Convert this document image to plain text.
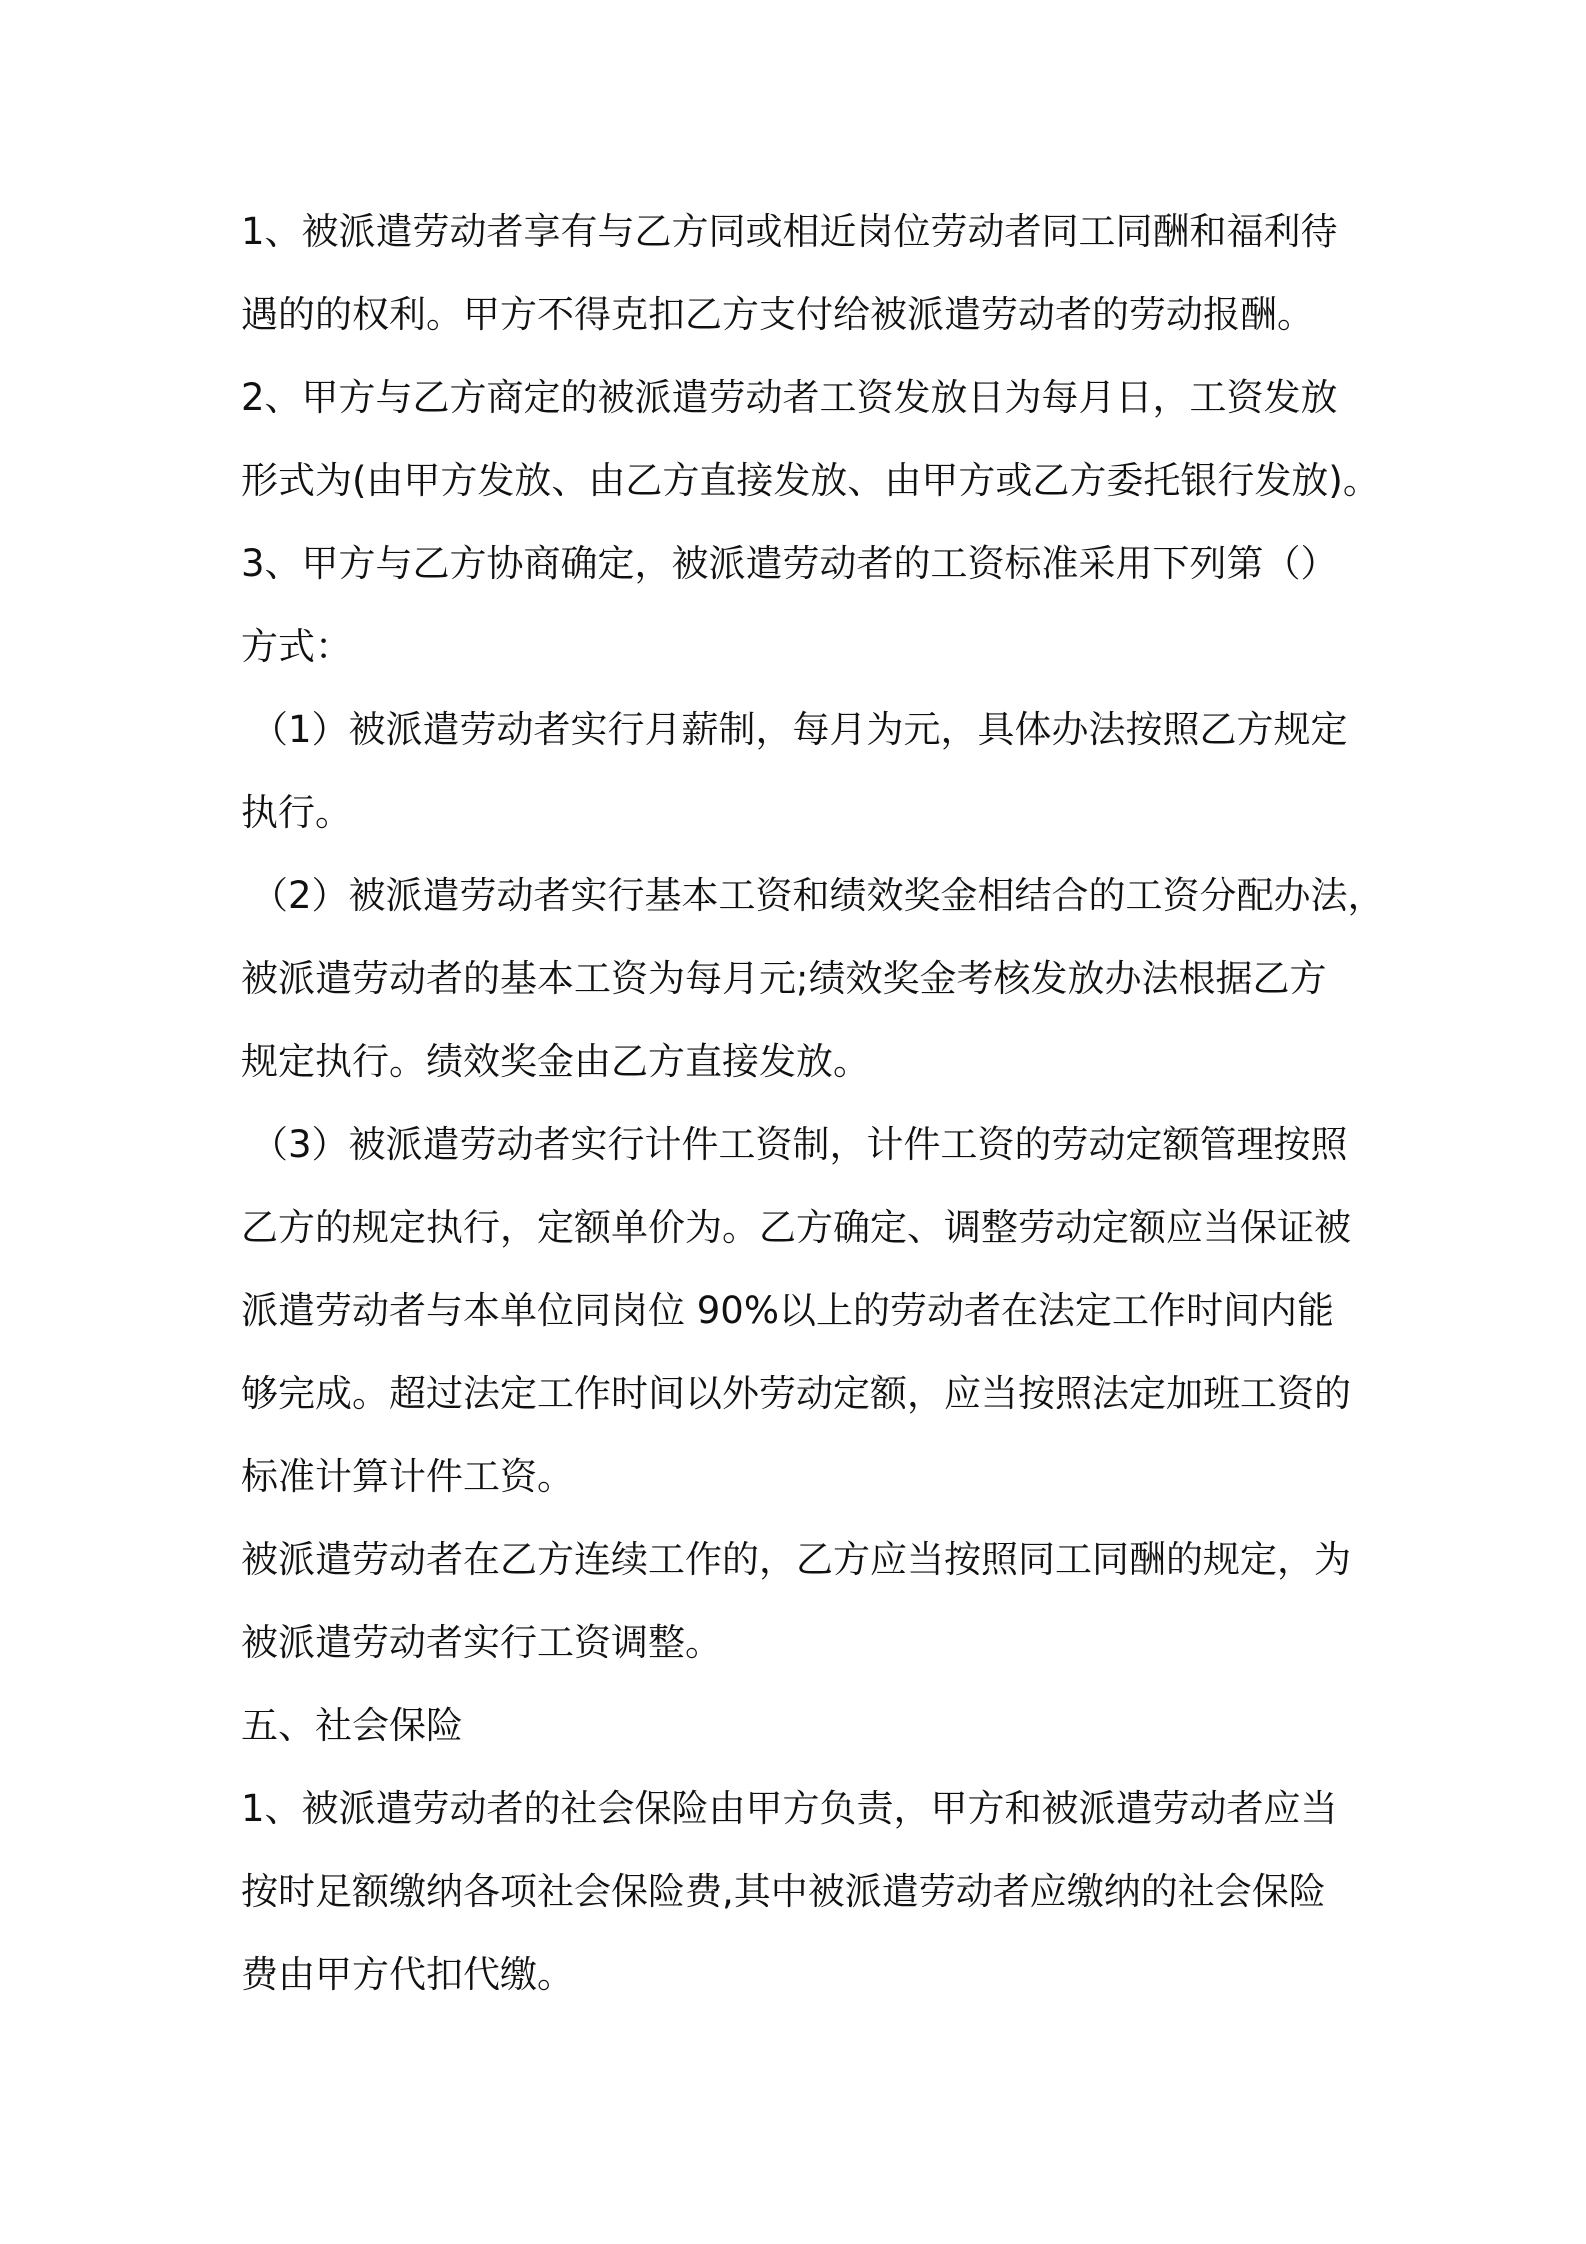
1、被派遣劳动者享有与乙方同或相近岗位劳动者同工同酬和福利待
遇的的权利。甲方不得克扣乙方支付给被派遣劳动者的劳动报酬。
2、甲方与乙方商定的被派遣劳动者工资发放日为每月日，工资发放
形式为(由甲方发放、由乙方直接发放、由甲方或乙方委托银行发放)。
3、甲方与乙方协商确定，被派遣劳动者的工资标准采用下列第（）
方式：
（1）被派遣劳动者实行月薪制，每月为元，具体办法按照乙方规定
执行。
（2）被派遣劳动者实行基本工资和绩效奖金相结合的工资分配办法，
被派遣劳动者的基本工资为每月元;绩效奖金考核发放办法根据乙方
规定执行。绩效奖金由乙方直接发放。
（3）被派遣劳动者实行计件工资制，计件工资的劳动定额管理按照
乙方的规定执行，定额单价为。乙方确定、调整劳动定额应当保证被
派遣劳动者与本单位同岗位 90%以上的劳动者在法定工作时间内能
够完成。超过法定工作时间以外劳动定额，应当按照法定加班工资的
标准计算计件工资。
被派遣劳动者在乙方连续工作的，乙方应当按照同工同酬的规定，为
被派遣劳动者实行工资调整。
五、社会保险
1、被派遣劳动者的社会保险由甲方负责，甲方和被派遣劳动者应当
按时足额缴纳各项社会保险费,其中被派遣劳动者应缴纳的社会保险
费由甲方代扣代缴。
